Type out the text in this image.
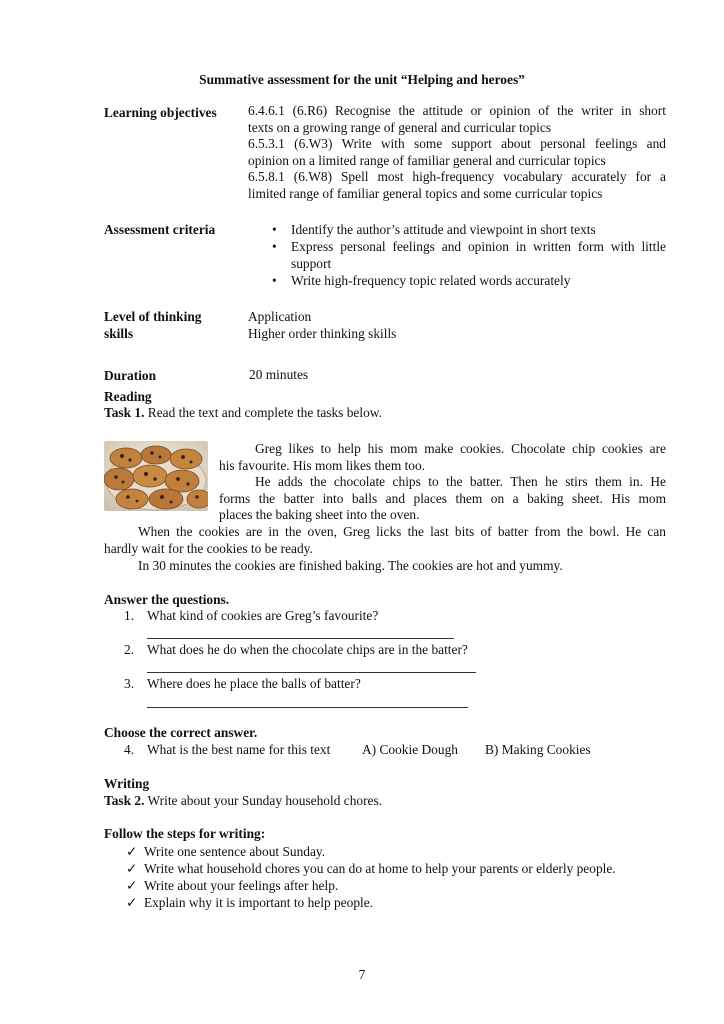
Summative assessment for the unit “Helping and heroes”
Learning objectives 6.4.6.1 (6.R6) Recognise the attitude or opinion of the writer in short
texts on a growing range of general and curricular topics
6.5.3.1 (6.W3) Write with some support about personal feelings and
opinion on a limited range of familiar general and curricular topics
6.5.8.1 (6.W8) Spell most high-frequency vocabulary accurately for a
limited range of familiar general topics and some curricular topics
Assessment criteria	• Identify the author’s attitude and viewpoint in short texts
• Express personal feelings and opinion in written form with little support
• Write high-frequency topic related words accurately
Level of thinking
skills
Application
Higher order thinking skills
Duration	20 minutes
Reading
Task 1. Read the text and complete the tasks below.
Greg likes to help his mom make cookies. Chocolate chip cookies are
his favourite. His mom likes them too.
He adds the chocolate chips to the batter. Then he stirs them in. He
forms the batter into balls and places them on a baking sheet. His mom
places the baking sheet into the oven.
When the cookies are in the oven, Greg licks the last bits of batter from the bowl. He can
hardly wait for the cookies to be ready.
In 30 minutes the cookies are finished baking. The cookies are hot and yummy.
Answer the questions.
1. What kind of cookies are Greg’s favourite?
2. What does he do when the chocolate chips are in the batter?
3. Where does he place the balls of batter?
Choose the correct answer.
4. What is the best name for this text A) Cookie Dough B) Making Cookies
Writing
Task 2. Write about your Sunday household chores.
Follow the steps for writing:
✓ Write one sentence about Sunday.
✓ Write what household chores you can do at home to help your parents or elderly people.
✓ Write about your feelings after help.
✓ Explain why it is important to help people.
7
